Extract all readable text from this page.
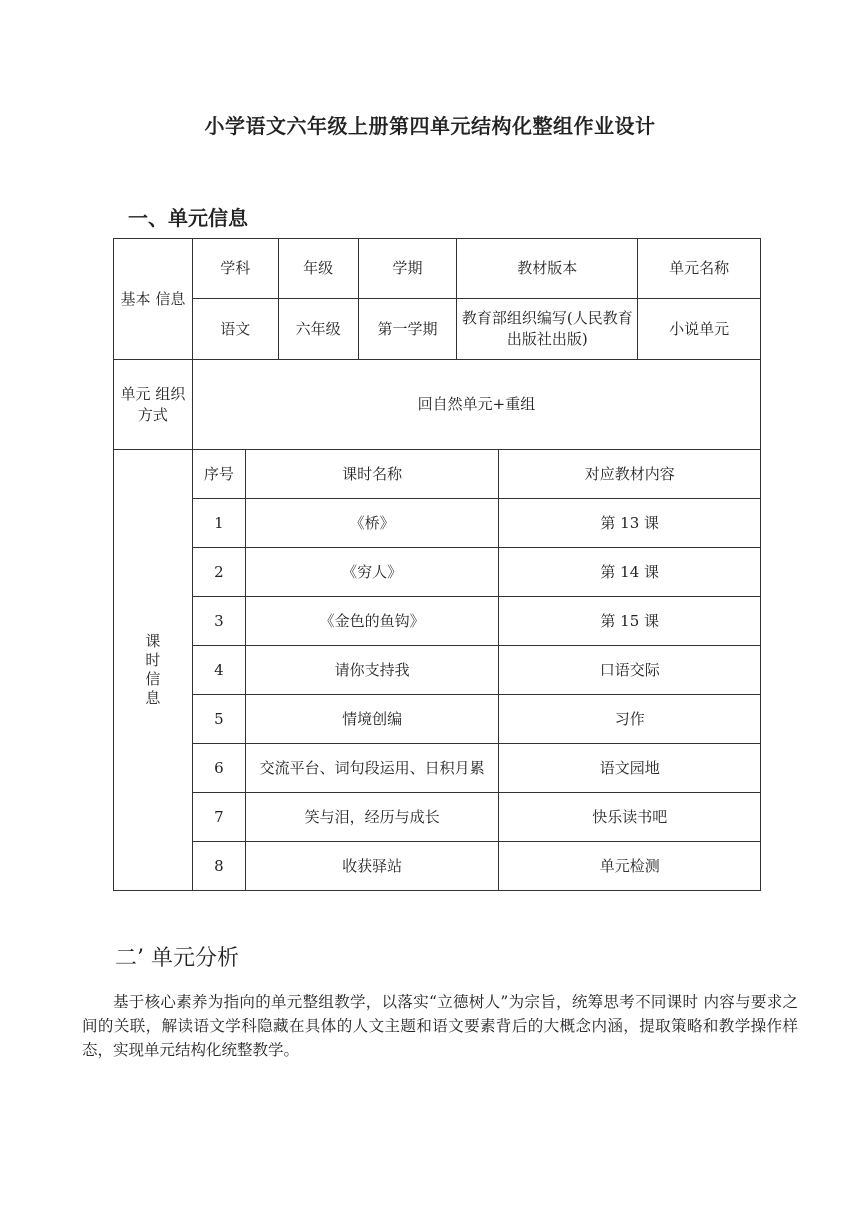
小学语文六年级上册第四单元结构化整组作业设计
一、单元信息
基本 信息	学科	年级	学期	教材版本	单元名称
	语文	六年级	第一学期	教育部组织编写(人民教育出版社出版)	小说单元
单元 组织方式	回自然单元+重组				
课
时
信
息	序号	课时名称	对应教材内容
	1	《桥》	第 13 课
	2	《穷人》	第 14 课
	3	《金色的鱼钩》	第 15 课
	4	请你支持我	口语交际
	5	情境创编	习作
	6	交流平台、词句段运用、日积月累	语文园地
	7	笑与泪，经历与成长	快乐读书吧
	8	收获驿站	单元检测
二’ 单元分析
基于核心素养为指向的单元整组教学，以落实“立德树人”为宗旨，统筹思考不同课时 内容与要求之间的关联，解读语文学科隐藏在具体的人文主题和语文要素背后的大概念内涵，提取策略和教学操作样态，实现单元结构化统整教学。
